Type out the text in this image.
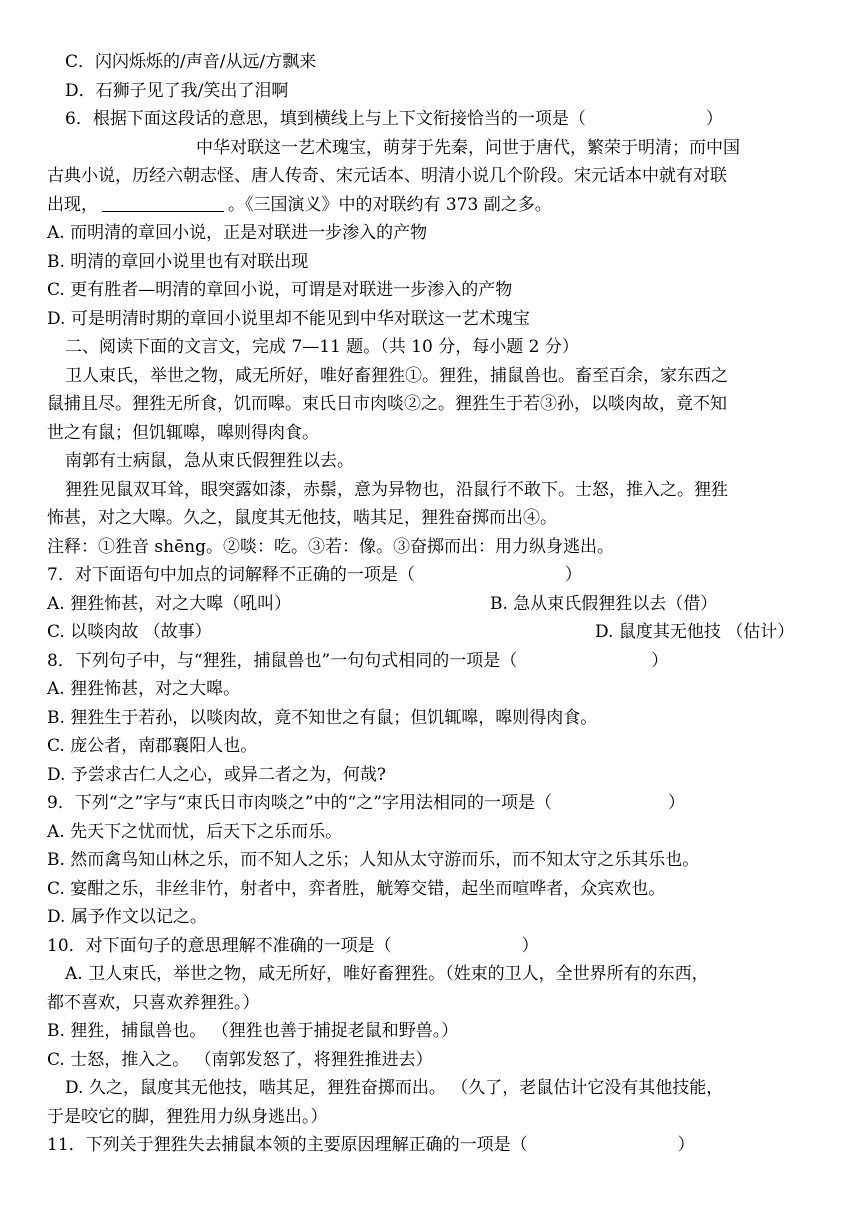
C．闪闪烁烁的/声音/从远/方飘来
D．石狮子见了我/笑出了泪啊
6．根据下面这段话的意思，填到横线上与上下文衔接恰当的一项是（	）
中华对联这一艺术瑰宝，萌芽于先秦，问世于唐代，繁荣于明清；而中国
古典小说，历经六朝志怪、唐人传奇、宋元话本、明清小说几个阶段。宋元话本中就有对联
出现，	。《三国演义》中的对联约有 373 副之多。
A. 而明清的章回小说，正是对联进一步渗入的产物
B. 明清的章回小说里也有对联出现
C. 更有胜者—明清的章回小说，可谓是对联进一步渗入的产物
D. 可是明清时期的章回小说里却不能见到中华对联这一艺术瑰宝
二、阅读下面的文言文，完成 7—11 题。（共 10 分，每小题 2 分）
卫人束氏，举世之物，咸无所好，唯好畜狸狌①。狸狌，捕鼠兽也。畜至百余，家东西之
鼠捕且尽。狸狌无所食，饥而嗥。束氏日市肉啖②之。狸狌生于若③孙，以啖肉故，竟不知
世之有鼠；但饥辄嗥，嗥则得肉食。
南郭有士病鼠，急从束氏假狸狌以去。
狸狌见鼠双耳耸，眼突露如漆，赤鬃，意为异物也，沿鼠行不敢下。士怒，推入之。狸狌
怖甚，对之大嗥。久之，鼠度其无他技，啮其足，狸狌奋掷而出④。
注释：①狌音 shēng。②啖：吃。③若：像。③奋掷而出：用力纵身逃出。
7．对下面语句中加点的词解释不正确的一项是（	）
A. 狸狌怖甚，对之大嗥（吼叫）	B. 急从束氏假狸狌以去（借）
C. 以啖肉故 （故事）	D. 鼠度其无他技 （估计）
8．下列句子中，与“狸狌，捕鼠兽也”一句句式相同的一项是（	）
A. 狸狌怖甚，对之大嗥。
B. 狸狌生于若孙，以啖肉故，竟不知世之有鼠；但饥辄嗥，嗥则得肉食。
C. 庞公者，南郡襄阳人也。
D. 予尝求古仁人之心，或异二者之为，何哉?
9．下列“之”字与“束氏日市肉啖之”中的“之”字用法相同的一项是（	）
A. 先天下之忧而忧，后天下之乐而乐。
B. 然而禽鸟知山林之乐，而不知人之乐；人知从太守游而乐，而不知太守之乐其乐也。
C. 宴酣之乐，非丝非竹，射者中，弈者胜，觥筹交错，起坐而喧哗者，众宾欢也。
D. 属予作文以记之。
10．对下面句子的意思理解不准确的一项是（	）
A. 卫人束氏，举世之物，咸无所好，唯好畜狸狌。（姓束的卫人，全世界所有的东西，
都不喜欢，只喜欢养狸狌。）
B. 狸狌，捕鼠兽也。 （狸狌也善于捕捉老鼠和野兽。）
C. 士怒，推入之。 （南郭发怒了，将狸狌推进去）
D. 久之，鼠度其无他技，啮其足，狸狌奋掷而出。 （久了，老鼠估计它没有其他技能，
于是咬它的脚，狸狌用力纵身逃出。）
11．下列关于狸狌失去捕鼠本领的主要原因理解正确的一项是（	）
